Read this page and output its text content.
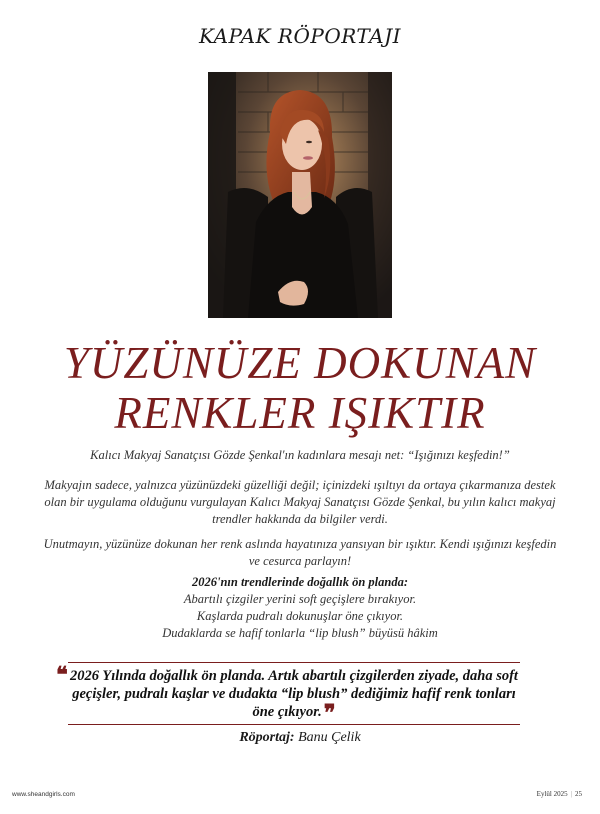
KAPAK RÖPORTAJI
YÜZÜNÜZE DOKUNAN
RENKLER IŞIKTIR
Kalıcı Makyaj Sanatçısı Gözde Şenkal'ın kadınlara mesajı net: “Işığınızı keşfedin!”
Makyajın sadece, yalnızca yüzünüzdeki güzelliği değil; içinizdeki ışıltıyı da ortaya çıkarmanıza destek olan bir uygulama olduğunu vurgulayan Kalıcı Makyaj Sanatçısı Gözde Şenkal, bu yılın kalıcı makyaj trendler hakkında da bilgiler verdi.
Unutmayın, yüzünüze dokunan her renk aslında hayatınıza yansıyan bir ışıktır. Kendi ışığınızı keşfedin ve cesurca parlayın!
2026'nın trendlerinde doğallık ön planda:
Abartılı çizgiler yerini soft geçişlere bırakıyor.
Kaşlarda pudralı dokunuşlar öne çıkıyor.
Dudaklarda se hafif tonlarla “lip blush” büyüsü hâkim
❝ 2026 Yılında doğallık ön planda. Artık abartılı çizgilerden ziyade, daha soft geçişler, pudralı kaşlar ve dudakta “lip blush” dediğimiz hafif renk tonları öne çıkıyor.❞
Röportaj: Banu Çelik
www.sheandgirls.com	Eylül 2025 | 25
